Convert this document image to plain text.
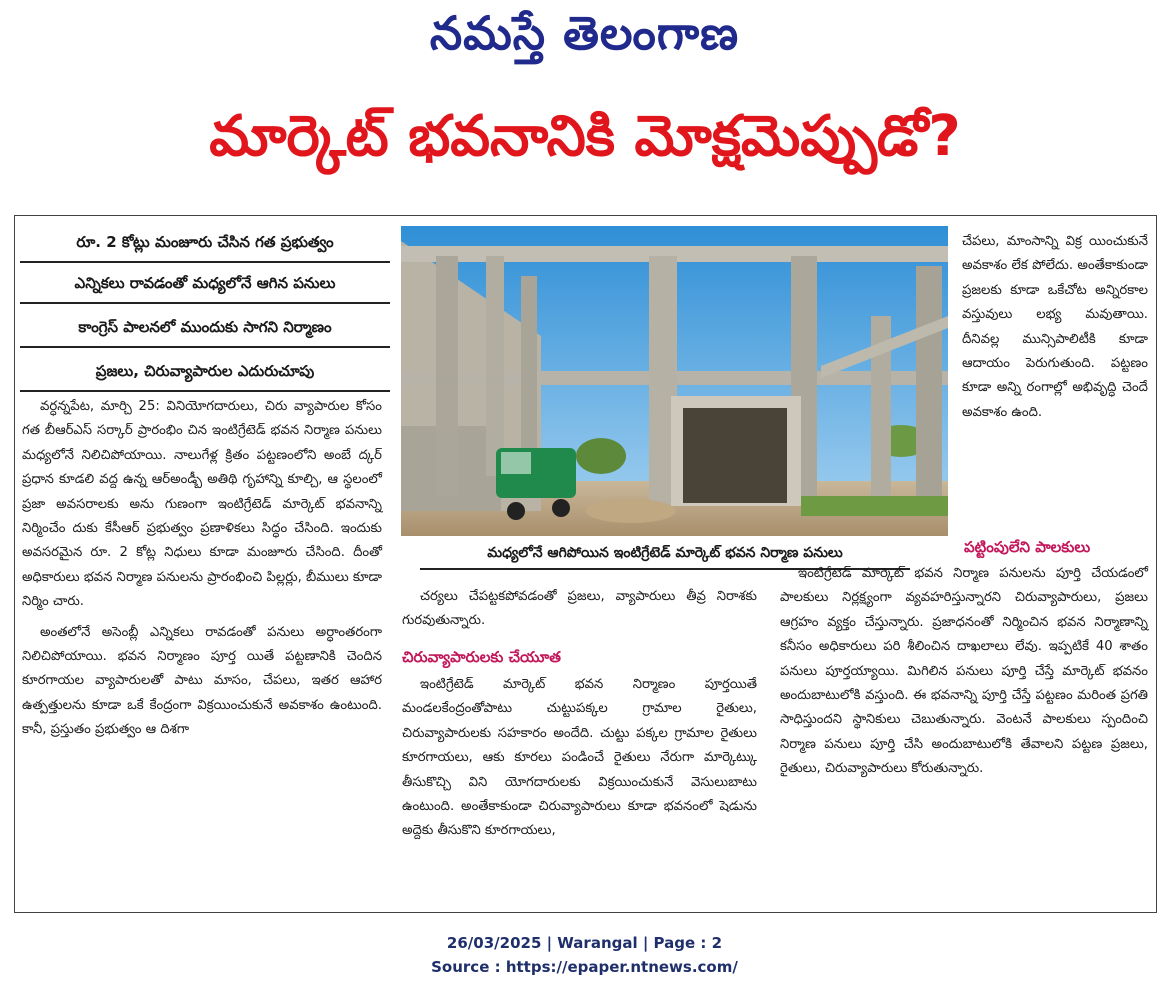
నమస్తే తెలంగాణ
మార్కెట్ భవనానికి మోక్షమెప్పుడో?
రూ. 2 కోట్లు మంజూరు చేసిన గత ప్రభుత్వం
ఎన్నికలు రావడంతో మధ్యలోనే ఆగిన పనులు
కాంగ్రెస్ పాలనలో ముందుకు సాగని నిర్మాణం
ప్రజలు, చిరువ్యాపారుల ఎదురుచూపు
మధ్యలోనే ఆగిపోయిన ఇంటిగ్రేటెడ్ మార్కెట్ భవన నిర్మాణ పనులు

వర్ధన్నపేట, మార్చి 25: వినియోగదారులు, చిరు వ్యాపారుల కోసం గత బీఆర్ఎస్ సర్కార్ ప్రారంభిం చిన ఇంటిగ్రేటెడ్ భవన నిర్మాణ పనులు మధ్యలోనే నిలిచిపోయాయి. నాలుగేళ్ల క్రితం పట్టణంలోని అంబే ద్కర్ ప్రధాన కూడలి వద్ద ఉన్న ఆర్అండ్బీ అతిథి గృహాన్ని కూల్చి, ఆ స్థలంలో ప్రజా అవసరాలకు అను గుణంగా ఇంటిగ్రేటెడ్ మార్కెట్ భవనాన్ని నిర్మించేం దుకు కేసీఆర్ ప్రభుత్వం ప్రణాళికలు సిద్ధం చేసింది. ఇందుకు అవసరమైన రూ. 2 కోట్ల నిధులు కూడా మంజూరు చేసింది. దీంతో అధికారులు భవన నిర్మాణ పనులను ప్రారంభించి పిల్లర్లు, బీములు కూడా నిర్మిం చారు.

అంతలోనే అసెంబ్లీ ఎన్నికలు రావడంతో పనులు అర్ధాంతరంగా నిలిచిపోయాయి. భవన నిర్మాణం పూర్త యితే పట్టణానికి చెందిన కూరగాయల వ్యాపారులతో పాటు మాసం, చేపలు, ఇతర ఆహార ఉత్పత్తులను కూడా ఒకే కేంద్రంగా విక్రయించుకునే అవకాశం ఉంటుంది. కానీ, ప్రస్తుతం ప్రభుత్వం ఆ దిశగా

చర్యలు చేపట్టకపోవడంతో ప్రజలు, వ్యాపారులు తీవ్ర నిరాశకు గురవుతున్నారు.

చిరువ్యాపారులకు చేయూత

ఇంటిగ్రేటెడ్ మార్కెట్ భవన నిర్మాణం పూర్తయితే మండలకేంద్రంతోపాటు చుట్టుపక్కల గ్రామాల రైతులు, చిరువ్యాపారులకు సహకారం అందేది. చుట్టు పక్కల గ్రామాల రైతులు కూరగాయలు, ఆకు కూరలు పండించే రైతులు నేరుగా మార్కెట్కు తీసుకొచ్చి విని యోగదారులకు విక్రయించుకునే వెసులుబాటు ఉంటుంది. అంతేకాకుండా చిరువ్యాపారులు కూడా భవనంలో షెడును అద్దెకు తీసుకొని కూరగాయలు,

చేపలు, మాంసాన్ని విక్ర యించుకునే అవకాశం లేక పోలేదు. అంతేకాకుండా ప్రజలకు కూడా ఒకేచోట అన్నిరకాల వస్తువులు లభ్య మవుతాయి. దీనివల్ల మున్సిపాలిటీకి కూడా ఆదాయం పెరుగుతుంది. పట్టణం కూడా అన్ని రంగాల్లో అభివృద్ధి చెందే అవకాశం ఉంది.

పట్టింపులేని పాలకులు

ఇంటిగ్రేటెడ్ మార్కెట్ భవన నిర్మాణ పనులను పూర్తి చేయడంలో పాలకులు నిర్లక్ష్యంగా వ్యవహరిస్తున్నారని చిరువ్యాపారులు, ప్రజలు ఆగ్రహం వ్యక్తం చేస్తున్నారు. ప్రజాధనంతో నిర్మించిన భవన నిర్మాణాన్ని కనీసం అధికారులు పరి శీలించిన దాఖలాలు లేవు. ఇప్పటికే 40 శాతం పనులు పూర్తయ్యాయి. మిగిలిన పనులు పూర్తి చేస్తే మార్కెట్ భవనం అందుబాటులోకి వస్తుంది. ఈ భవనాన్ని పూర్తి చేస్తే పట్టణం మరింత ప్రగతి సాధిస్తుందని స్థానికులు చెబుతున్నారు. వెంటనే పాలకులు స్పందించి నిర్మాణ పనులు పూర్తి చేసి అందుబాటులోకి తేవాలని పట్టణ ప్రజలు, రైతులు, చిరువ్యాపారులు కోరుతున్నారు.

26/03/2025 | Warangal | Page : 2
Source : https://epaper.ntnews.com/
